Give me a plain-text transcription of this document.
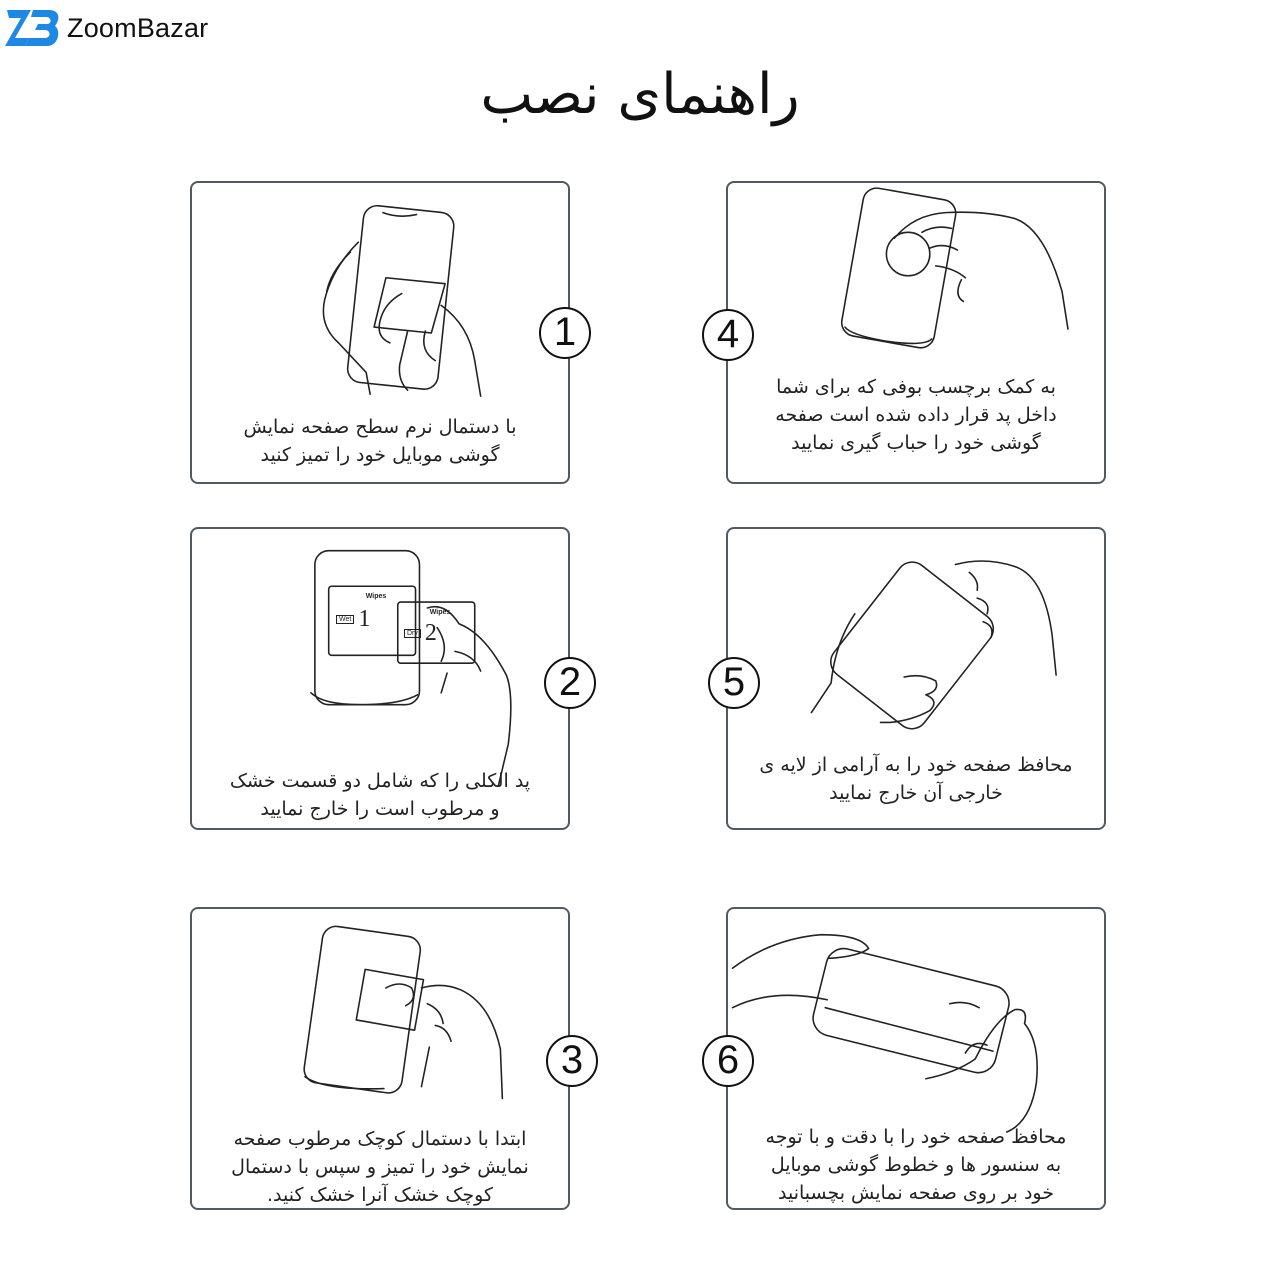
ZoomBazar
راهنمای نصب
1
با دستمال نرم سطح صفحه نمایش
گوشی موبایل خود را تمیز کنید
4
به کمک برچسب بوفی که برای شما
داخل پد قرار داده شده است صفحه
گوشی خود را حباب گیری نمایید
Wipes
Wet 1	Wipes
Dry 2
2
پد الکلی را که شامل دو قسمت خشک
و مرطوب است را خارج نمایید
5
محافظ صفحه خود را به آرامی از لایه ی
خارجی آن خارج نمایید
3
ابتدا با دستمال کوچک مرطوب صفحه
نمایش خود را تمیز و سپس با دستمال
کوچک خشک آنرا خشک کنید.
6
محافظ صفحه خود را با دقت و با توجه
به سنسور ها و خطوط گوشی موبایل
خود بر روی صفحه نمایش بچسبانید
